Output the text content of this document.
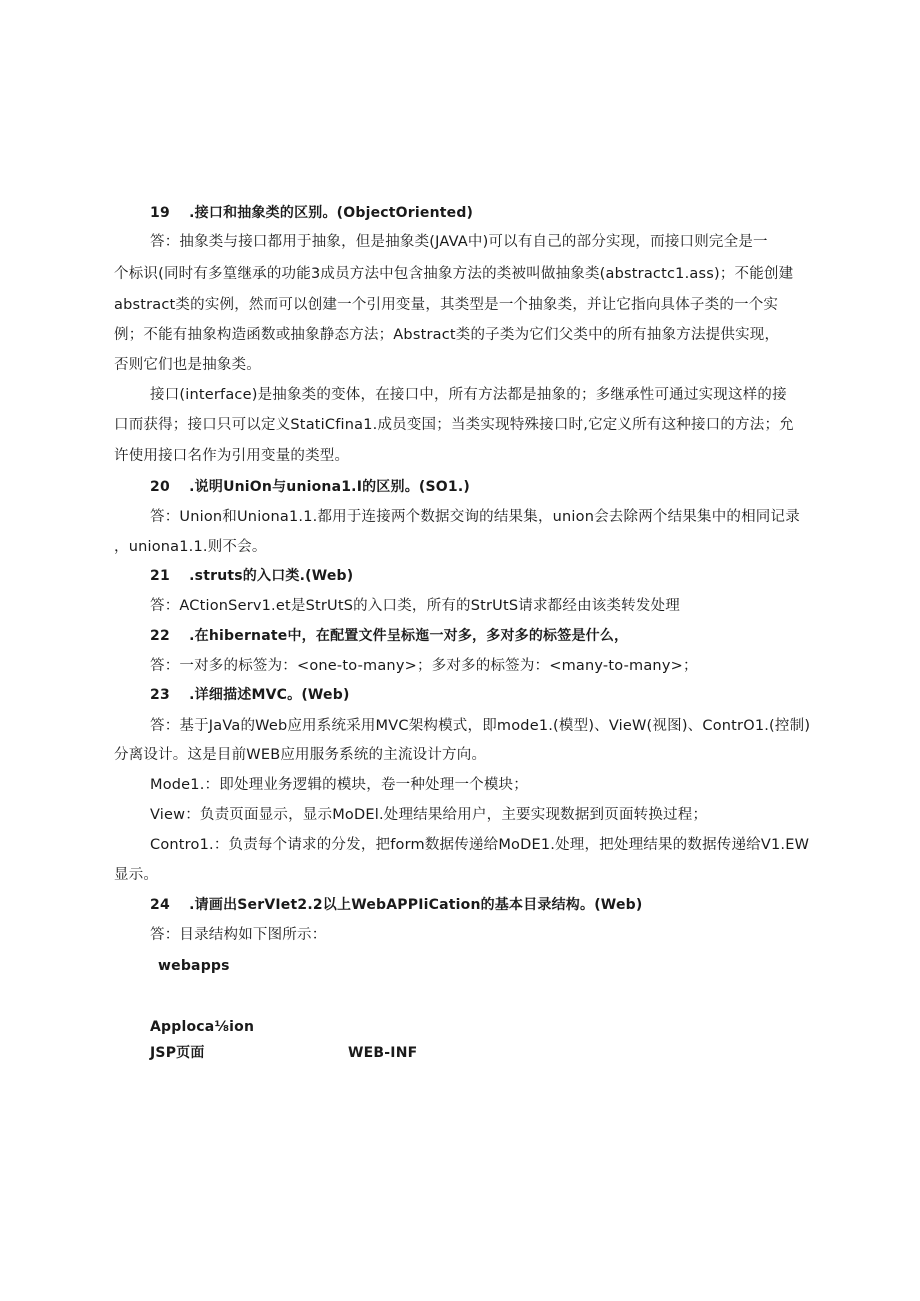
19　 .接口和抽象类的区别。(ObjectOriented)
答：抽象类与接口都用于抽象，但是抽象类(JAVA中)可以有自己的部分实现，而接口则完全是一
个标识(同时有多篁继承的功能3成员方法中包含抽象方法的类被叫做抽象类(abstractc1.ass)；不能创建
abstract类的实例，然而可以创建一个引用变量，其类型是一个抽象类，并让它指向具体子类的一个实
例；不能有抽象构造函数或抽象静态方法；Abstract类的子类为它们父类中的所有抽象方法提供实现，
否则它们也是抽象类。
接口(interface)是抽象类的变体，在接口中，所有方法都是抽象的；多继承性可通过实现这样的接
口而获得；接口只可以定义StatiCfina1.成员变国；当类实现特殊接口时,它定义所有这种接口的方法；允
许使用接口名作为引用变量的类型。
20　 .说明UniOn与uniona1.I的区别。(SO1.)
答：Union和Uniona1.1.都用于连接两个数据交询的结果集，union会去除两个结果集中的相同记录
，uniona1.1.则不会。
21　 .struts的入口类.(Web)
答：ACtionServ1.et是StrUtS的入口类，所有的StrUtS请求都经由该类转发处理
22　 .在hibernate中，在配置文件呈标迤一对多，多对多的标签是什么，
答：一对多的标签为：<one-to-many>；多对多的标签为：<many-to-many>；
23　 .详细描述MVC。(Web)
答：基于JaVa的Web应用系统采用MVC架构模式，即mode1.(模型)、VieW(视图)、ContrO1.(控制)
分离设计。这是目前WEB应用服务系统的主流设计方向。
Mode1.：即处理业务逻辑的模块，卷一种处理一个模块；
View：负责页面显示，显示MoDEl.处理结果给用户，主要实现数据到页面转换过程；
Contro1.：负责每个请求的分发，把form数据传递给MoDE1.处理，把处理结果的数据传递给V1.EW
显示。
24　 .请画出SerVIet2.2以上WebAPPIiCation的基本目录结构。(Web)
答：目录结构如下图所示：
webapps
Apploca⅛ion
JSP页面	WEB-INF
